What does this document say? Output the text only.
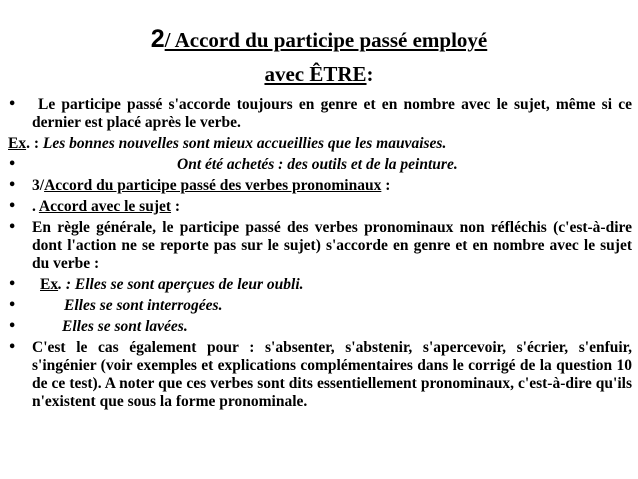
2/ Accord du participe passé employé
avec ÊTRE:
•	Le participe passé s'accorde toujours en genre et en nombre avec le sujet, même si ce dernier est placé après le verbe.
Ex. : Les bonnes nouvelles sont mieux accueillies que les mauvaises.
•	Ont été achetés : des outils et de la peinture.
•	3/Accord du participe passé des verbes pronominaux :
•	. Accord avec le sujet :
•	En règle générale, le participe passé des verbes pronominaux non réfléchis (c'est-à-dire dont l'action ne se reporte pas sur le sujet) s'accorde en genre et en nombre avec le sujet du verbe :
•	Ex. : Elles se sont aperçues de leur oubli.
•	Elles se sont interrogées.
•	Elles se sont lavées.
•	C'est le cas également pour : s'absenter, s'abstenir, s'apercevoir, s'écrier, s'enfuir, s'ingénier (voir exemples et explications complémentaires dans le corrigé de la question 10 de ce test). A noter que ces verbes sont dits essentiellement pronominaux, c'est-à-dire qu'ils n'existent que sous la forme pronominale.
